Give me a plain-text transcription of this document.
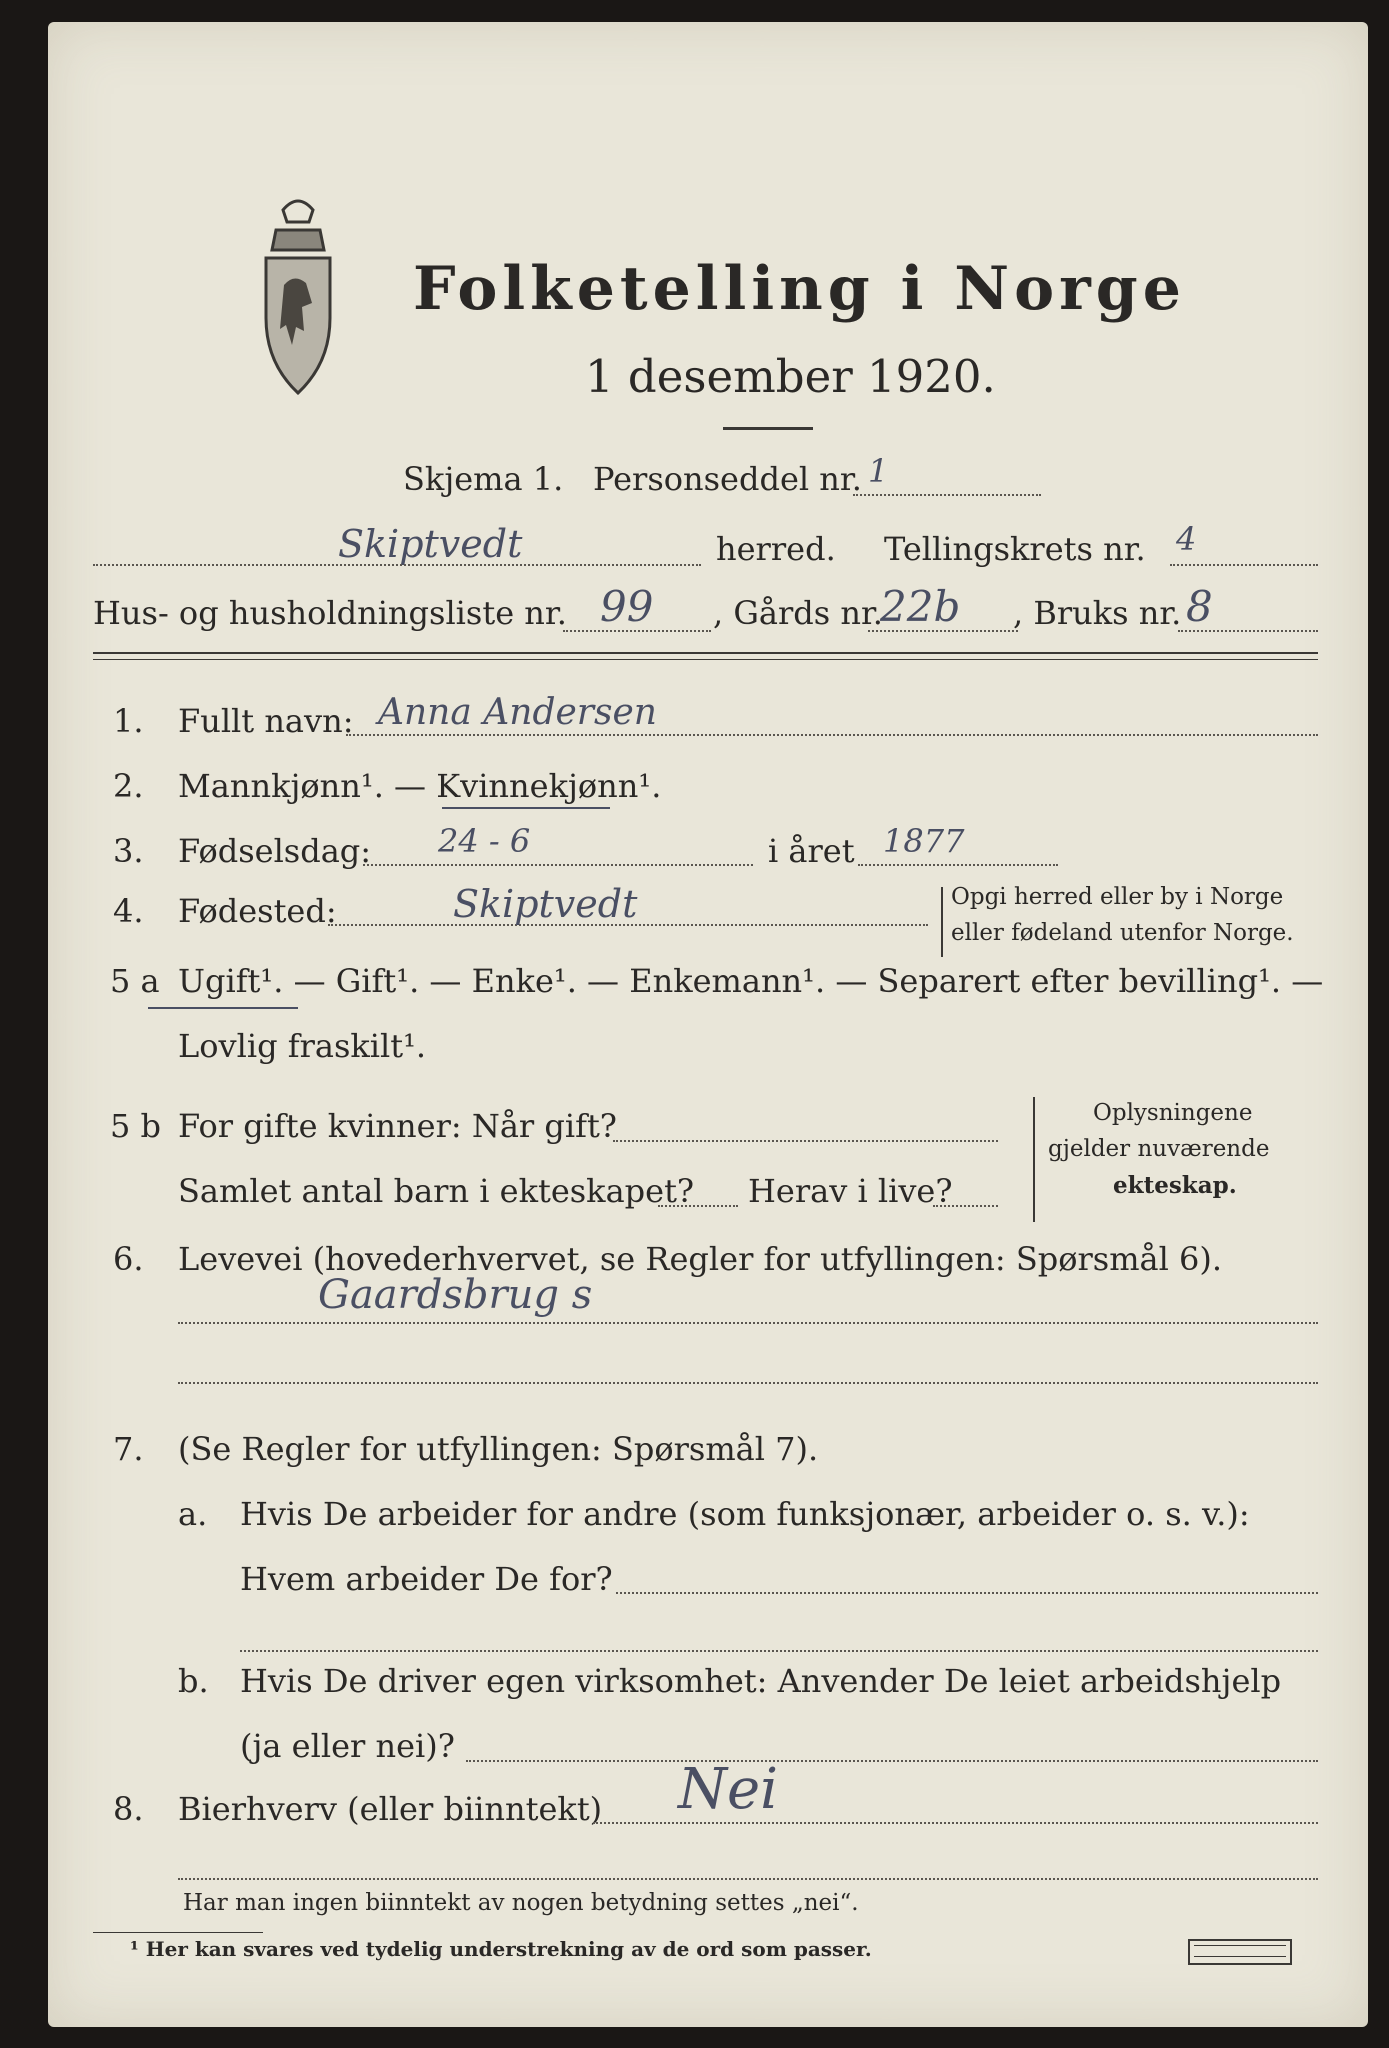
Folketelling i Norge
1 desember 1920.
Skjema 1. Personseddel nr. 1
Skiptvedt	herred. Tellingskrets nr. 4
Hus- og husholdningsliste nr. 99 , Gårds nr.
22b , Bruks nr. 8
1. Fullt navn: Anna Andersen
2. Mannkjønn¹. — Kvinnekjønn¹.
3. Fødselsdag: 24 - 6	i året 1877
4. Fødested:	Skiptvedt	Opgi herred eller by i Norge
eller fødeland utenfor Norge.
5 a Ugift¹. — Gift¹. — Enke¹. — Enkemann¹. — Separert efter bevilling¹. —
Lovlig fraskilt¹.
5 b For gifte kvinner: Når gift?
Samlet antal barn i ekteskapet? Herav i live?
Oplysningene
gjelder nuværende
ekteskap.
6. Levevei (hovederhvervet, se Regler for utfyllingen: Spørsmål 6).
Gaardsbrug s
7. (Se Regler for utfyllingen: Spørsmål 7).
a. Hvis De arbeider for andre (som funksjonær, arbeider o. s. v.):
Hvem arbeider De for?
b. Hvis De driver egen virksomhet: Anvender De leiet arbeidshjelp
(ja eller nei)?
8. Bierhverv (eller biinntekt) Nei
Har man ingen biinntekt av nogen betydning settes „nei“.
¹ Her kan svares ved tydelig understrekning av de ord som passer.
